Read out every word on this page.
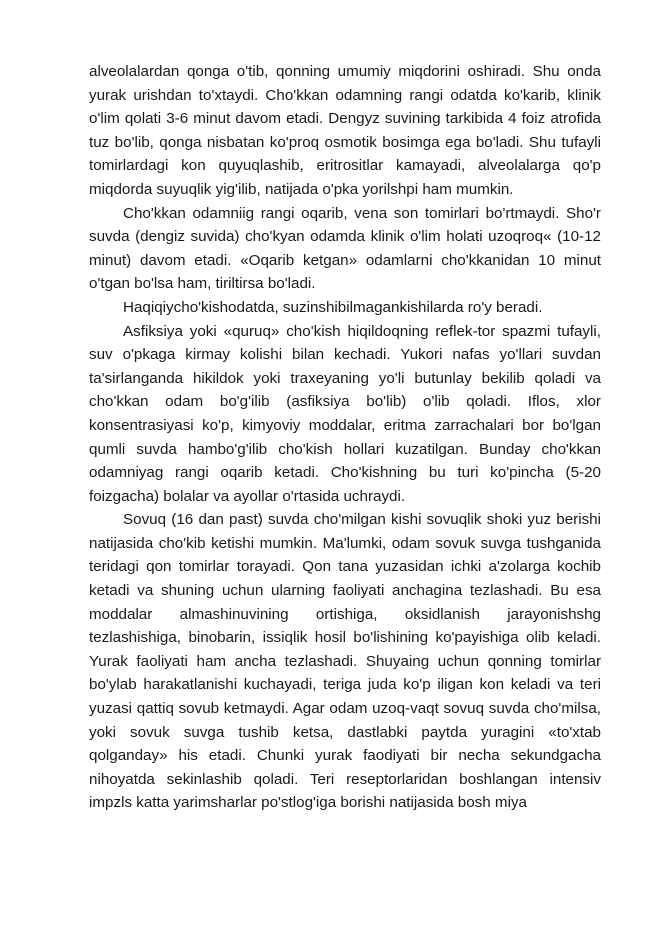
alveolalardan qonga o'tib, qonning umumiy miqdorini oshiradi. Shu onda yurak urishdan to'xtaydi. Cho'kkan odamning rangi odatda ko'karib, klinik o'lim qolati 3-6 minut davom etadi. Dengyz suvining tarkibida 4 foiz atrofida tuz bo'lib, qonga nisbatan ko'proq osmotik bosimga ega bo'ladi. Shu tufayli tomirlardagi kon quyuqlashib, eritrositlar kamayadi, alveolalarga qo'p miqdorda suyuqlik yig'ilib, natijada o'pka yorilshpi ham mumkin.

Cho'kkan odamniig rangi oqarib, vena son tomirlari bo'rtmaydi. Sho'r suvda (dengiz suvida) cho'kyan odamda klinik o'lim holati uzoqroq« (10-12 minut) davom etadi. «Oqarib ketgan» odamlarni cho'kkanidan 10 minut o'tgan bo'lsa ham, tiriltirsa bo'ladi.

Haqiqiycho'kishodatda, suzinshibilmagankishilarda ro'y beradi.

Asfiksiya yoki «quruq» cho'kish hiqildoqning reflek-tor spazmi tufayli, suv o'pkaga kirmay kolishi bilan kechadi. Yukori nafas yo'llari suvdan ta'sirlanganda hikildok yoki traxeyaning yo'li butunlay bekilib qoladi va cho'kkan odam bo'g'ilib (asfiksiya bo'lib) o'lib qoladi. Iflos, xlor konsentrasiyasi ko'p, kimyoviy moddalar, eritma zarrachalari bor bo'lgan qumli suvda hambo'g'ilib cho'kish hollari kuzatilgan. Bunday cho'kkan odamniyag rangi oqarib ketadi. Cho'kishning bu turi ko'pincha (5-20 foizgacha) bolalar va ayollar o'rtasida uchraydi.

Sovuq (16 dan past) suvda cho'milgan kishi sovuqlik shoki yuz berishi natijasida cho'kib ketishi mumkin. Ma'lumki, odam sovuk suvga tushganida teridagi qon tomirlar torayadi. Qon tana yuzasidan ichki a'zolarga kochib ketadi va shuning uchun ularning faoliyati anchagina tezlashadi. Bu esa moddalar almashinuvining ortishiga, oksidlanish jarayonishshg tezlashishiga, binobarin, issiqlik hosil bo'lishining ko'payishiga olib keladi. Yurak faoliyati ham ancha tezlashadi. Shuyaing uchun qonning tomirlar bo'ylab harakatlanishi kuchayadi, teriga juda ko'p iligan kon keladi va teri yuzasi qattiq sovub ketmaydi. Agar odam uzoq-vaqt sovuq suvda cho'milsa, yoki sovuk suvga tushib ketsa, dastlabki paytda yuragini «to'xtab qolganday» his etadi. Chunki yurak faodiyati bir necha sekundgacha nihoyatda sekinlashib qoladi. Teri reseptorlaridan boshlangan intensiv impzls katta yarimsharlar po'stlog'iga borishi natijasida bosh miya
